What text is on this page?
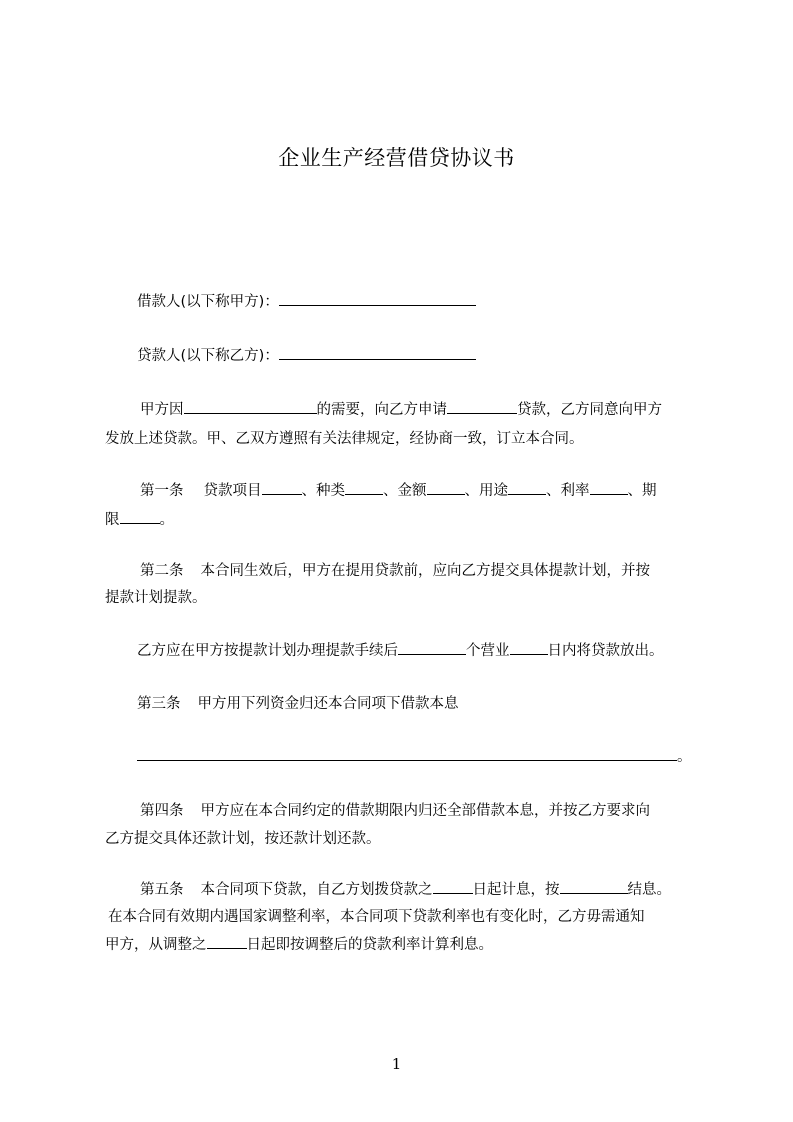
企业生产经营借贷协议书
借款人(以下称甲方)：
贷款人(以下称乙方)：
甲方因	的需要，向乙方申请	贷款，乙方同意向甲方
发放上述贷款。甲、乙双方遵照有关法律规定，经协商一致，订立本合同。
第一条 贷款项目	、种类	、金额	、用途	、利率	、期
限	。
第二条 本合同生效后，甲方在提用贷款前，应向乙方提交具体提款计划，并按
提款计划提款。
乙方应在甲方按提款计划办理提款手续后	个营业	日内将贷款放出。
第三条 甲方用下列资金归还本合同项下借款本息
。
第四条 甲方应在本合同约定的借款期限内归还全部借款本息，并按乙方要求向
乙方提交具体还款计划，按还款计划还款。
第五条 本合同项下贷款，自乙方划拨贷款之	日起计息，按	结息。
在本合同有效期内遇国家调整利率，本合同项下贷款利率也有变化时，乙方毋需通知
甲方，从调整之	日起即按调整后的贷款利率计算利息。
1
